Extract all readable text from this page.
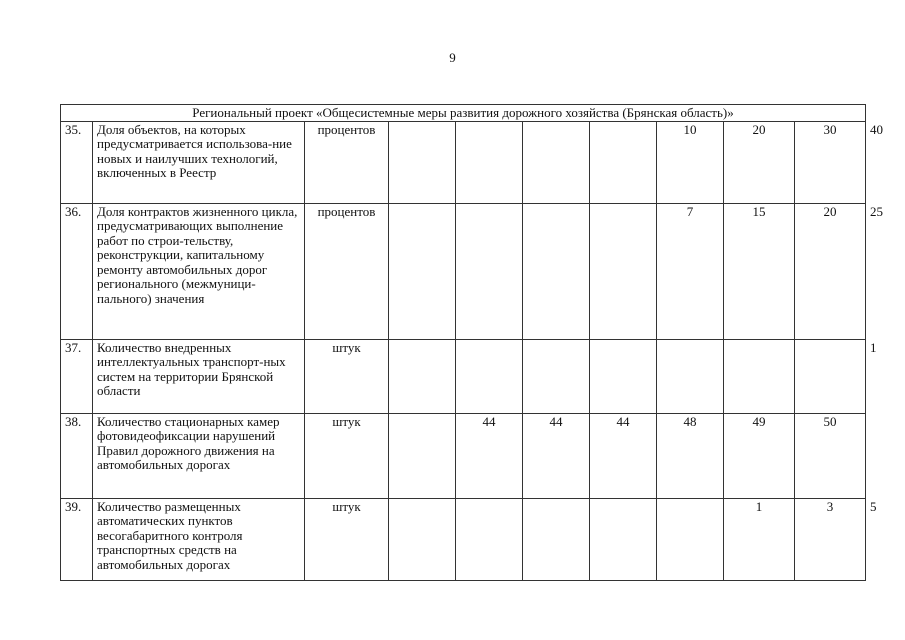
9
Региональный проект «Общесистемные меры развития дорожного хозяйства (Брянская область)»										
35.	Доля объектов, на которых предусматривается использова-ние новых и наилучших технологий, включенных в Реестр	процентов					10	20	30	40
36.	Доля контрактов жизненного цикла, предусматривающих выполнение работ по строи-тельству, реконструкции, капитальному ремонту автомобильных дорог регионального (межмуници-пального) значения	процентов					7	15	20	25
37.	Количество внедренных интеллектуальных транспорт-ных систем на территории Брянской области	штук								1
38.	Количество стационарных камер фотовидеофиксации нарушений Правил дорожного движения на автомобильных дорогах	штук		44	44	44	48	49	50	
39.	Количество размещенных автоматических пунктов весогабаритного контроля транспортных средств на автомобильных дорогах	штук						1	3	5
